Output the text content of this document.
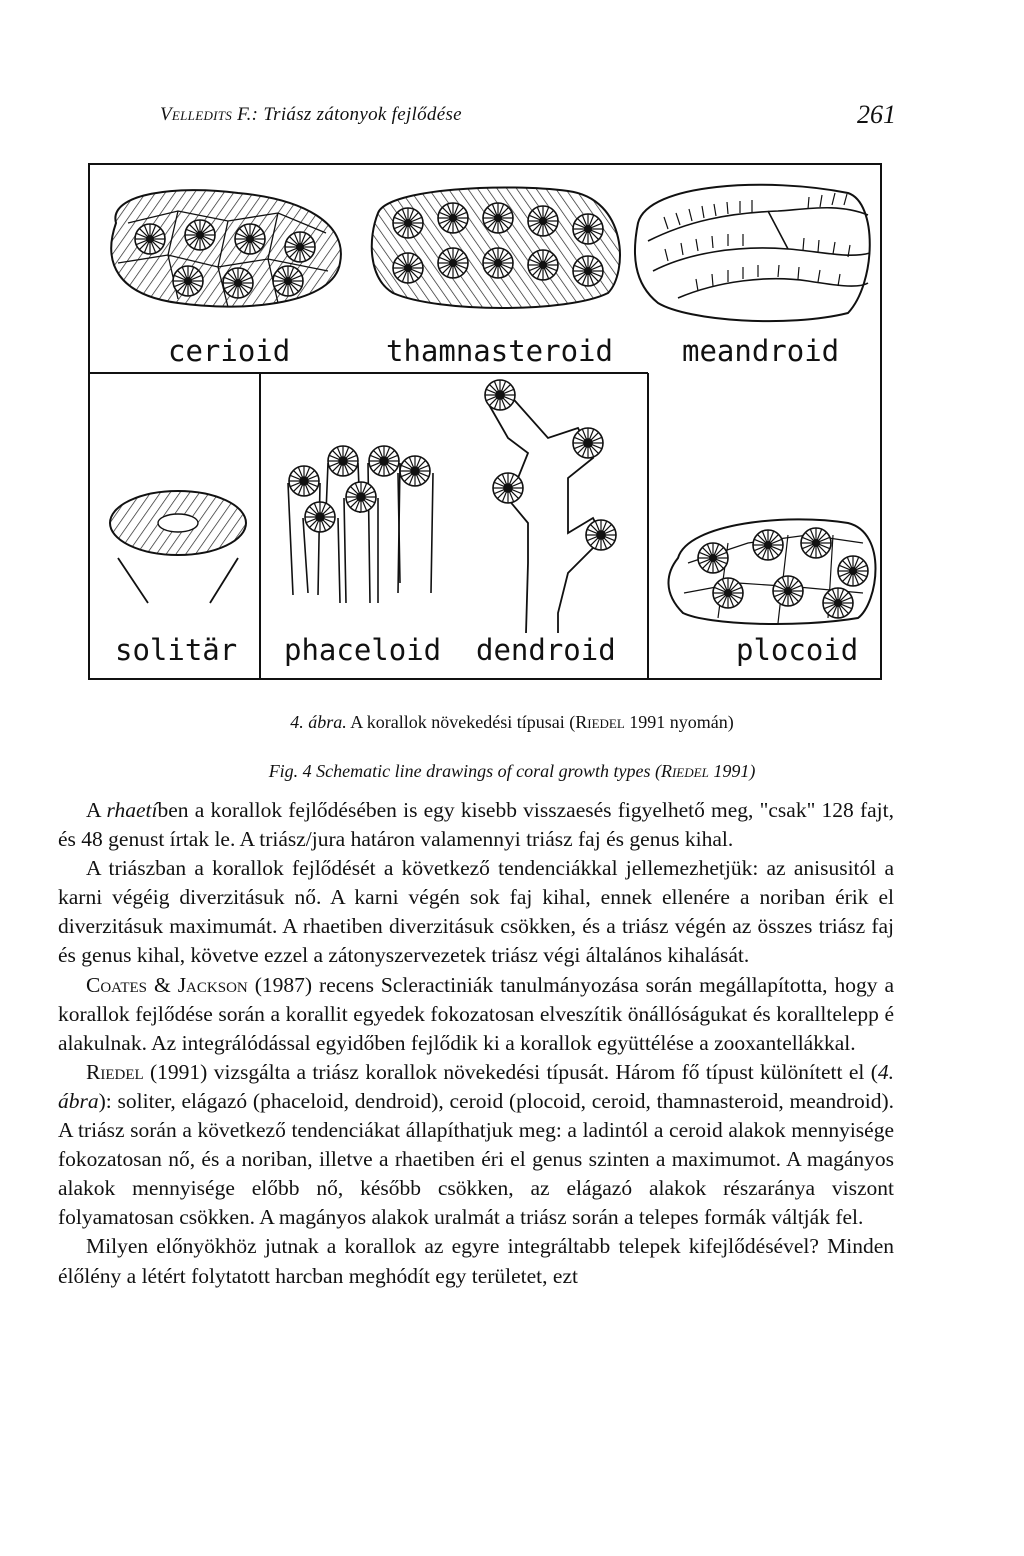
Velledits F.: Triász zátonyok fejlődése	261
cerioid	thamnasteroid meandroid
solitär phaceloid dendroid	plocoid
4. ábra. A korallok növekedési típusai (Riedel 1991 nyomán)
Fig. 4 Schematic line drawings of coral growth types (Riedel 1991)

A rhaetíben a korallok fejlődésében is egy kisebb visszaesés figyelhető meg, "csak" 128 fajt, és 48 genust írtak le. A triász/jura határon valamennyi triász faj és genus kihal.

A triászban a korallok fejlődését a következő tendenciákkal jellemezhetjük: az anisusitól a karni végéig diverzitásuk nő. A karni végén sok faj kihal, ennek ellenére a noriban érik el diverzitásuk maximumát. A rhaetiben diverzitásuk csökken, és a triász végén az összes triász faj és genus kihal, követve ezzel a zátonyszervezetek triász végi általános kihalását.

Coates & Jackson (1987) recens Scleractiniák tanulmányozása során megállapította, hogy a korallok fejlődése során a korallit egyedek fokozatosan elveszítik önállóságukat és koralltelepp é alakulnak. Az integrálódással egyidőben fejlődik ki a korallok együttélése a zooxantellákkal.

Riedel (1991) vizsgálta a triász korallok növekedési típusát. Három fő típust különített el (4. ábra): soliter, elágazó (phaceloid, dendroid), ceroid (plocoid, ceroid, thamnasteroid, meandroid). A triász során a következő tendenciákat állapíthatjuk meg: a ladintól a ceroid alakok mennyisége fokozatosan nő, és a noriban, illetve a rhaetiben éri el genus szinten a maximumot. A magányos alakok mennyisége előbb nő, később csökken, az elágazó alakok részaránya viszont folyamatosan csökken. A magányos alakok uralmát a triász során a telepes formák váltják fel.

Milyen előnyökhöz jutnak a korallok az egyre integráltabb telepek kifejlődésével? Minden élőlény a létért folytatott harcban meghódít egy területet, ezt
